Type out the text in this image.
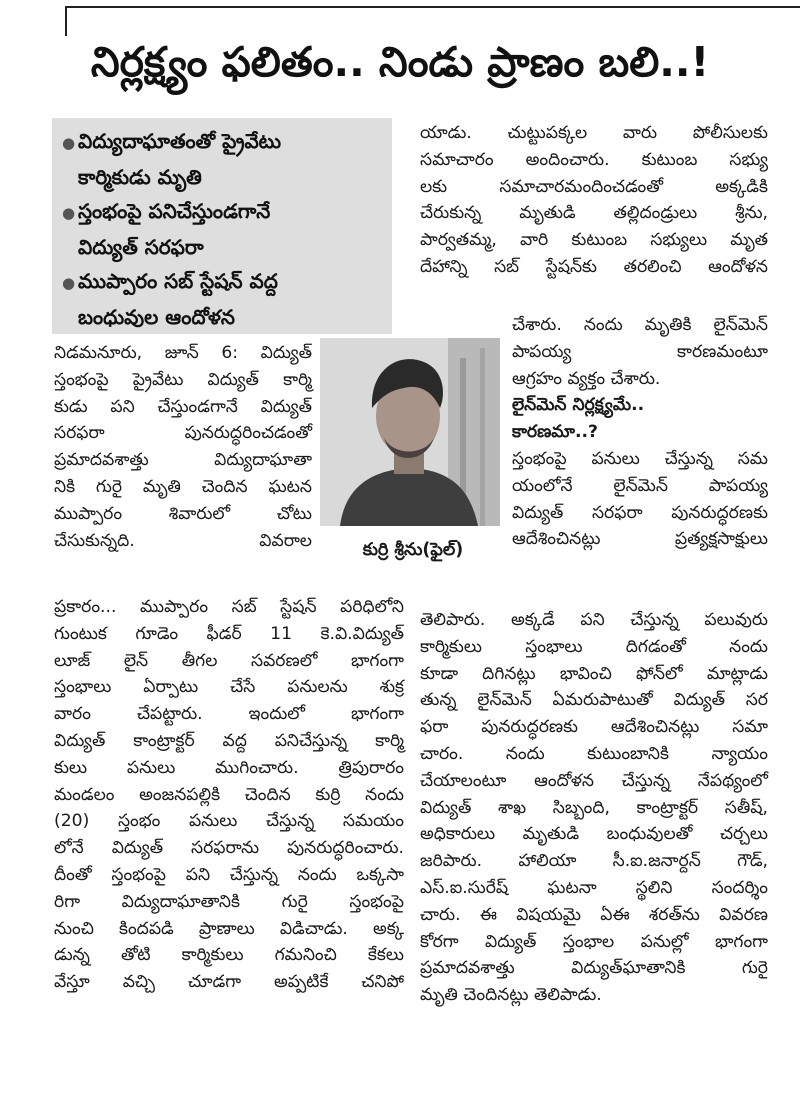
నిర్లక్ష్యం ఫలితం.. నిండు ప్రాణం బలి..!
● విద్యుదాఘాతంతో ప్రైవేటు
కార్మికుడు మృతి
● స్తంభంపై పనిచేస్తుండగానే
విద్యుత్ సరఫరా
● ముప్పారం సబ్ స్టేషన్ వద్ద
బంధువుల ఆందోళన
కుర్రి శ్రీను(ఫైల్)
నిడమనూరు, జూన్ 6: విద్యుత్
స్తంభంపై ప్రైవేటు విద్యుత్ కార్మి
కుడు పని చేస్తుండగానే విద్యుత్
సరఫరా పునరుద్ధరించడంతో
ప్రమాదవశాత్తు విద్యుదాఘాతా
నికి గురై మృతి చెందిన ఘటన
ముప్పారం శివారులో చోటు
చేసుకున్నది. వివరాల
ప్రకారం... ముప్పారం సబ్ స్టేషన్ పరిధిలోని
గుంటుక గూడెం ఫీడర్ 11 కె.వి.విద్యుత్
లూజ్ లైన్ తీగల సవరణలో భాగంగా
స్తంభాలు ఏర్పాటు చేసే పనులను శుక్ర
వారం చేపట్టారు. ఇందులో భాగంగా
విద్యుత్ కాంట్రాక్టర్ వద్ద పనిచేస్తున్న కార్మి
కులు పనులు ముగించారు. త్రిపురారం
మండలం అంజనపల్లికి చెందిన కుర్రి నందు
(20) స్తంభం పనులు చేస్తున్న సమయం
లోనే విద్యుత్ సరఫరాను పునరుద్ధరించారు.
దీంతో స్తంభంపై పని చేస్తున్న నందు ఒక్కసా
రిగా విద్యుదాఘాతానికి గురై స్తంభంపై
నుంచి కిందపడి ప్రాణాలు విడిచాడు. అక్క
డున్న తోటి కార్మికులు గమనించి కేకలు
వేస్తూ వచ్చి చూడగా అప్పటికే చనిపో
యాడు. చుట్టుపక్కల వారు పోలీసులకు
సమాచారం అందించారు. కుటుంబ సభ్యు
లకు సమాచారమందించడంతో అక్కడికి
చేరుకున్న మృతుడి తల్లిదండ్రులు శ్రీను,
పార్వతమ్మ, వారి కుటుంబ సభ్యులు మృత
దేహాన్ని సబ్ స్టేషన్‌కు తరలించి ఆందోళన
చేశారు. నందు మృతికి లైన్‌మెన్
పాపయ్య కారణమంటూ
ఆగ్రహం వ్యక్తం చేశారు.
లైన్‌మెన్ నిర్లక్ష్యమే..
కారణమా..?
స్తంభంపై పనులు చేస్తున్న సమ
యంలోనే లైన్‌మెన్ పాపయ్య
విద్యుత్ సరఫరా పునరుద్ధరణకు
ఆదేశించినట్లు ప్రత్యక్షసాక్షులు
తెలిపారు. అక్కడే పని చేస్తున్న పలువురు
కార్మికులు స్తంభాలు దిగడంతో నందు
కూడా దిగినట్లు భావించి ఫోన్‌లో మాట్లాడు
తున్న లైన్‌మెన్ ఏమరుపాటుతో విద్యుత్ సర
ఫరా పునరుద్ధరణకు ఆదేశించినట్లు సమా
చారం. నందు కుటుంబానికి న్యాయం
చేయాలంటూ ఆందోళన చేస్తున్న నేపథ్యంలో
విద్యుత్ శాఖ సిబ్బంది, కాంట్రాక్టర్ సతీష్,
అధికారులు మృతుడి బంధువులతో చర్చలు
జరిపారు. హాలియా సీ.ఐ.జనార్దన్ గౌడ్,
ఎస్.ఐ.సురేష్ ఘటనా స్థలిని సందర్శిం
చారు. ఈ విషయమై ఏఈ శరత్‌ను వివరణ
కోరగా విద్యుత్ స్తంభాల పనుల్లో భాగంగా
ప్రమాదవశాత్తు విద్యుత్‌ఘాతానికి గురై
మృతి చెందినట్లు తెలిపాడు.
